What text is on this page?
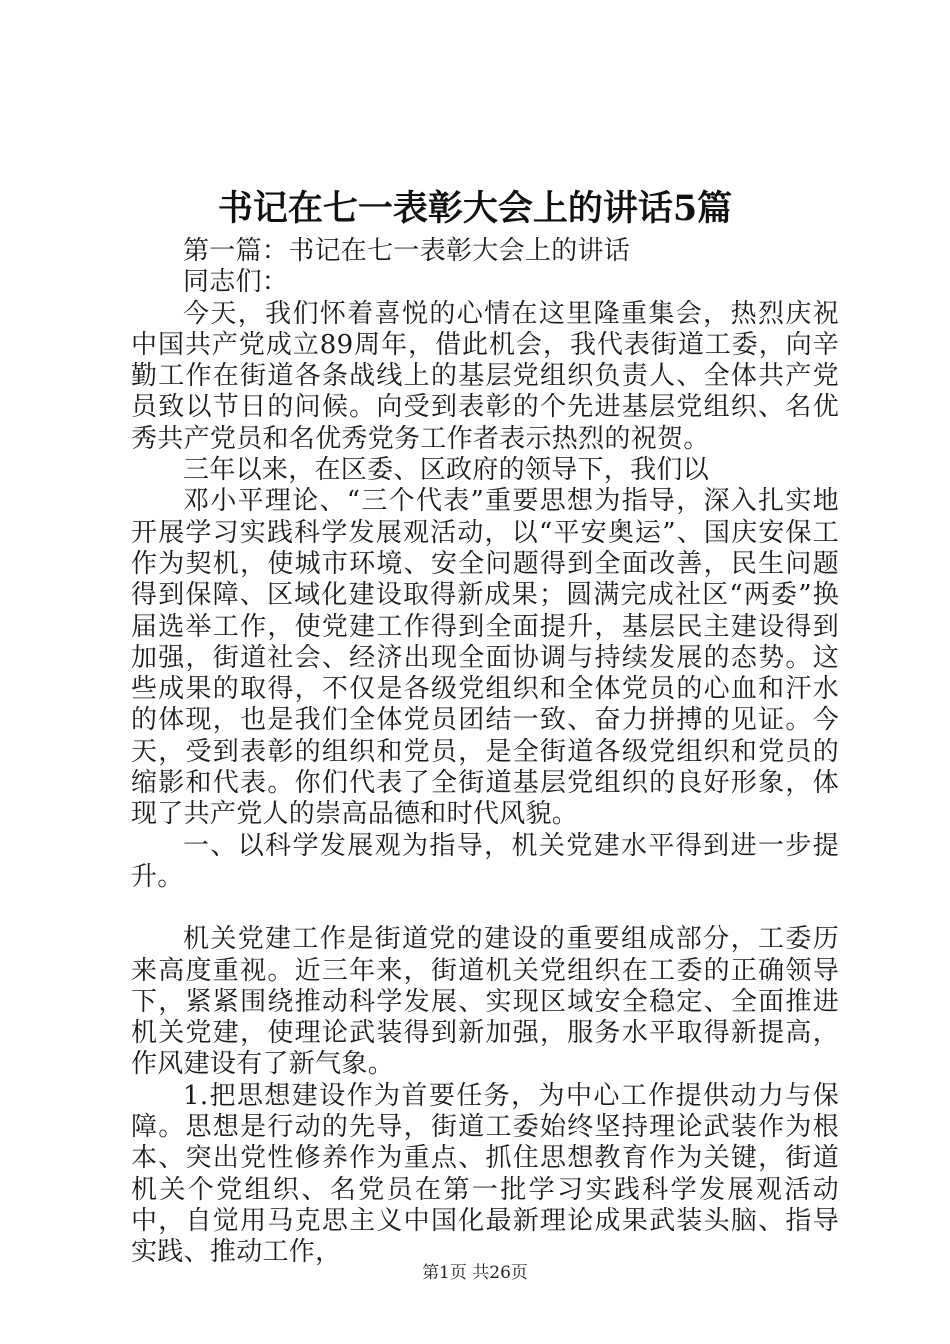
书记在七一表彰大会上的讲话5篇

第一篇：书记在七一表彰大会上的讲话

同志们：

今天，我们怀着喜悦的心情在这里隆重集会，热烈庆祝中国共产党成立89周年，借此机会，我代表街道工委，向辛勤工作在街道各条战线上的基层党组织负责人、全体共产党员致以节日的问候。向受到表彰的个先进基层党组织、名优秀共产党员和名优秀党务工作者表示热烈的祝贺。

三年以来，在区委、区政府的领导下，我们以

邓小平理论、“三个代表”重要思想为指导，深入扎实地开展学习实践科学发展观活动，以“平安奥运”、国庆安保工作为契机，使城市环境、安全问题得到全面改善，民生问题得到保障、区域化建设取得新成果；圆满完成社区“两委”换届选举工作，使党建工作得到全面提升，基层民主建设得到加强，街道社会、经济出现全面协调与持续发展的态势。这些成果的取得，不仅是各级党组织和全体党员的心血和汗水的体现，也是我们全体党员团结一致、奋力拼搏的见证。今天，受到表彰的组织和党员，是全街道各级党组织和党员的缩影和代表。你们代表了全街道基层党组织的良好形象，体现了共产党人的崇高品德和时代风貌。

一、以科学发展观为指导，机关党建水平得到进一步提升。

机关党建工作是街道党的建设的重要组成部分，工委历来高度重视。近三年来，街道机关党组织在工委的正确领导下，紧紧围绕推动科学发展、实现区域安全稳定、全面推进机关党建，使理论武装得到新加强，服务水平取得新提高，作风建设有了新气象。

1.把思想建设作为首要任务，为中心工作提供动力与保障。思想是行动的先导，街道工委始终坚持理论武装作为根本、突出党性修养作为重点、抓住思想教育作为关键，街道机关个党组织、名党员在第一批学习实践科学发展观活动中，自觉用马克思主义中国化最新理论成果武装头脑、指导实践、推动工作，

第1页 共26页
